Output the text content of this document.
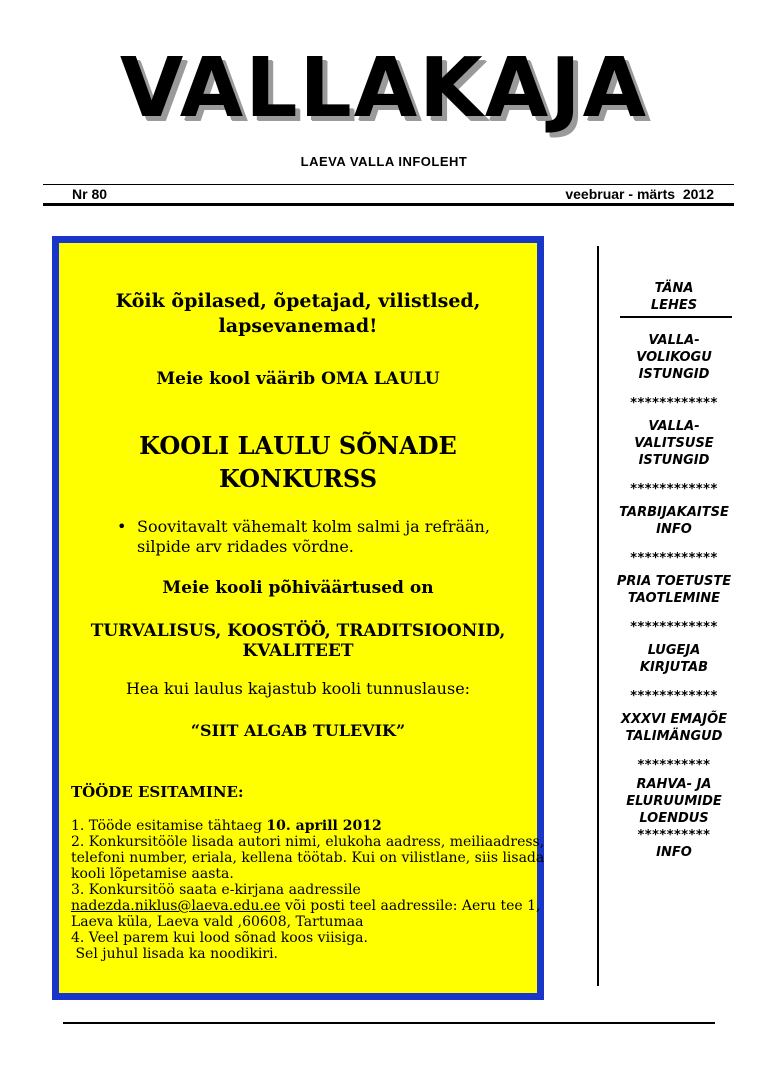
VALLAKAJA
LAEVA VALLA INFOLEHT
Nr 80	veebruar - märts  2012
Kõik õpilased, õpetajad, vilistlsed,
lapsevanemad!
Meie kool väärib OMA LAULU
KOOLI LAULU SÕNADE
KONKURSS
• Soovitavalt vähemalt kolm salmi ja refrään,
silpide arv ridades võrdne.
Meie kooli põhiväärtused on
TURVALISUS, KOOSTÖÖ, TRADITSIOONID,
KVALITEET
Hea kui laulus kajastub kooli tunnuslause:
“SIIT ALGAB TULEVIK”
TÖÖDE ESITAMINE:
1. Tööde esitamise tähtaeg 10. aprill 2012
2. Konkursitööle lisada autori nimi, elukoha aadress, meiliaadress,
telefoni number, eriala, kellena töötab. Kui on vilistlane, siis lisada
kooli lõpetamise aasta.
3. Konkursitöö saata e-kirjana aadressile
nadezda.niklus@laeva.edu.ee või posti teel aadressile: Aeru tee 1,
Laeva küla, Laeva vald ,60608, Tartumaa
4. Veel parem kui lood sõnad koos viisiga.
Sel juhul lisada ka noodikiri.
TÄNA
LEHES
VALLA-
VOLIKOGU
ISTUNGID
************
VALLA-
VALITSUSE
ISTUNGID
************
TARBIJAKAITSE
INFO
************
PRIA TOETUSTE
TAOTLEMINE
************
LUGEJA
KIRJUTAB
************
XXXVI EMAJÕE
TALIMÄNGUD
**********
RAHVA- JA
ELURUUMIDE
LOENDUS
**********
INFO
